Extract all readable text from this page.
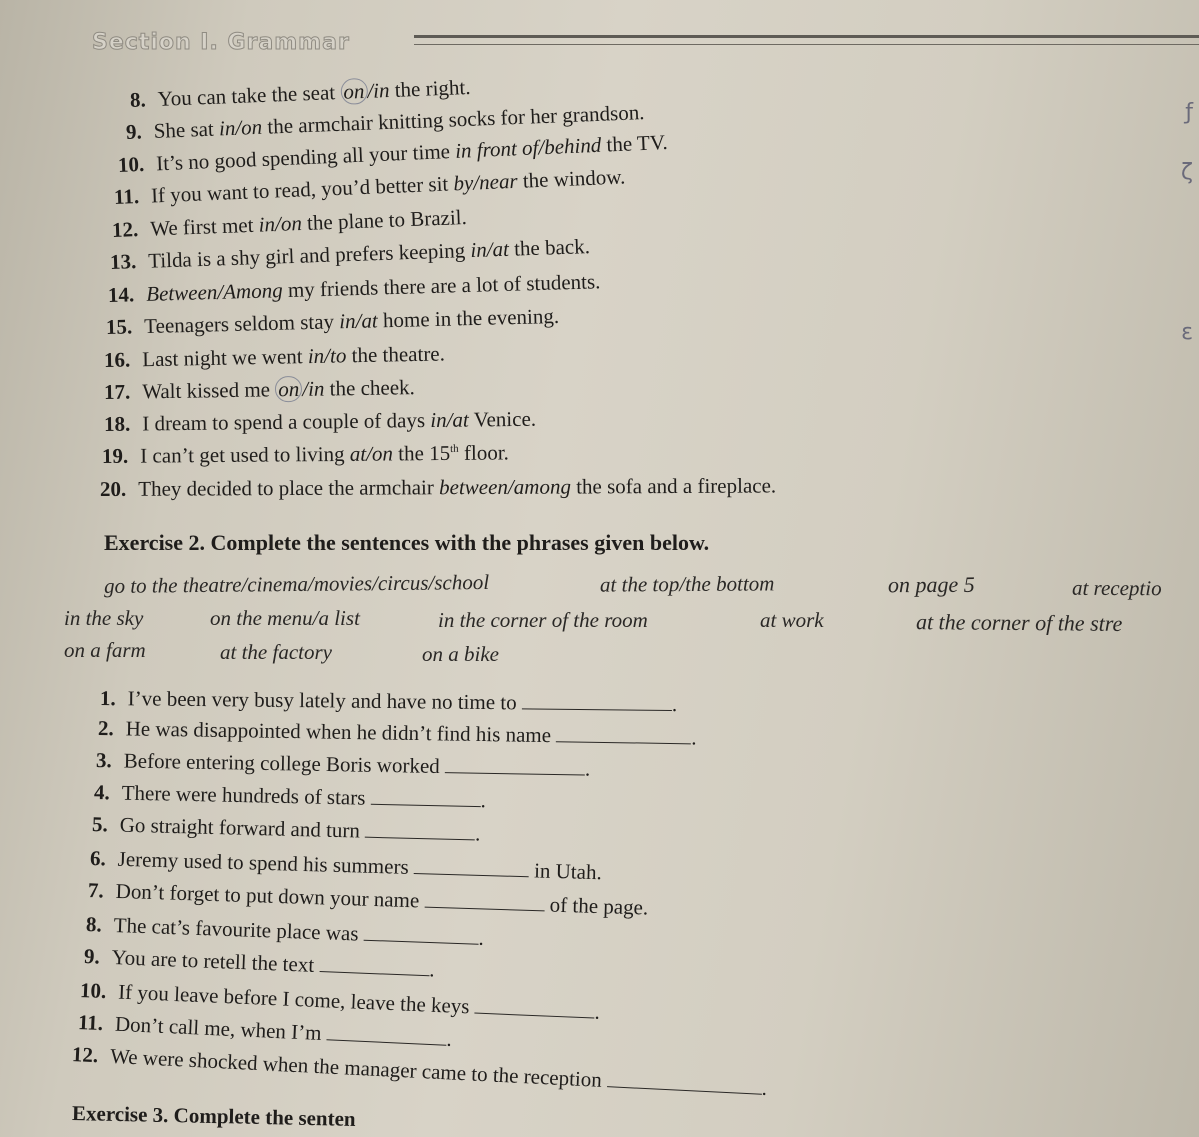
Section I. Grammar
8. You can take the seat on/in the right.
9. She sat in/on the armchair knitting socks for her grandson.
10. It’s no good spending all your time in front of/behind the TV.
11. If you want to read, you’d better sit by/near the window.
12. We first met in/on the plane to Brazil.
13. Tilda is a shy girl and prefers keeping in/at the back.
14. Between/Among my friends there are a lot of students.
15. Teenagers seldom stay in/at home in the evening.
16. Last night we went in/to the theatre.
17. Walt kissed me on /in the cheek.
18. I dream to spend a couple of days in/at Venice.
19. I can’t get used to living at/on the 15th floor.
20. They decided to place the armchair between/among the sofa and a fireplace.
Exercise 2. Complete the sentences with the phrases given below.
go to the theatre/cinema/movies/circus/school	at the top/the bottom	on page 5	at receptio
in the sky	on the menu/a list	in the corner of the room	at work	at the corner of the stre
on a farm	at the factory	on a bike
1. I’ve been very busy lately and have no time to	.
2. He was disappointed when he didn’t find his name	.
3. Before entering college Boris worked	.
4. There were hundreds of stars	.
5. Go straight forward and turn	.
6. Jeremy used to spend his summers	in Utah.
7. Don’t forget to put down your name	of the page.
8. The cat’s favourite place was	.
9. You are to retell the text	.
10. If you leave before I come, leave the keys	.
11. Don’t call me, when I’m	.
12. We were shocked when the manager came to the reception	.
Exercise 3. Complete the senten
ƒ
ζ
ε
